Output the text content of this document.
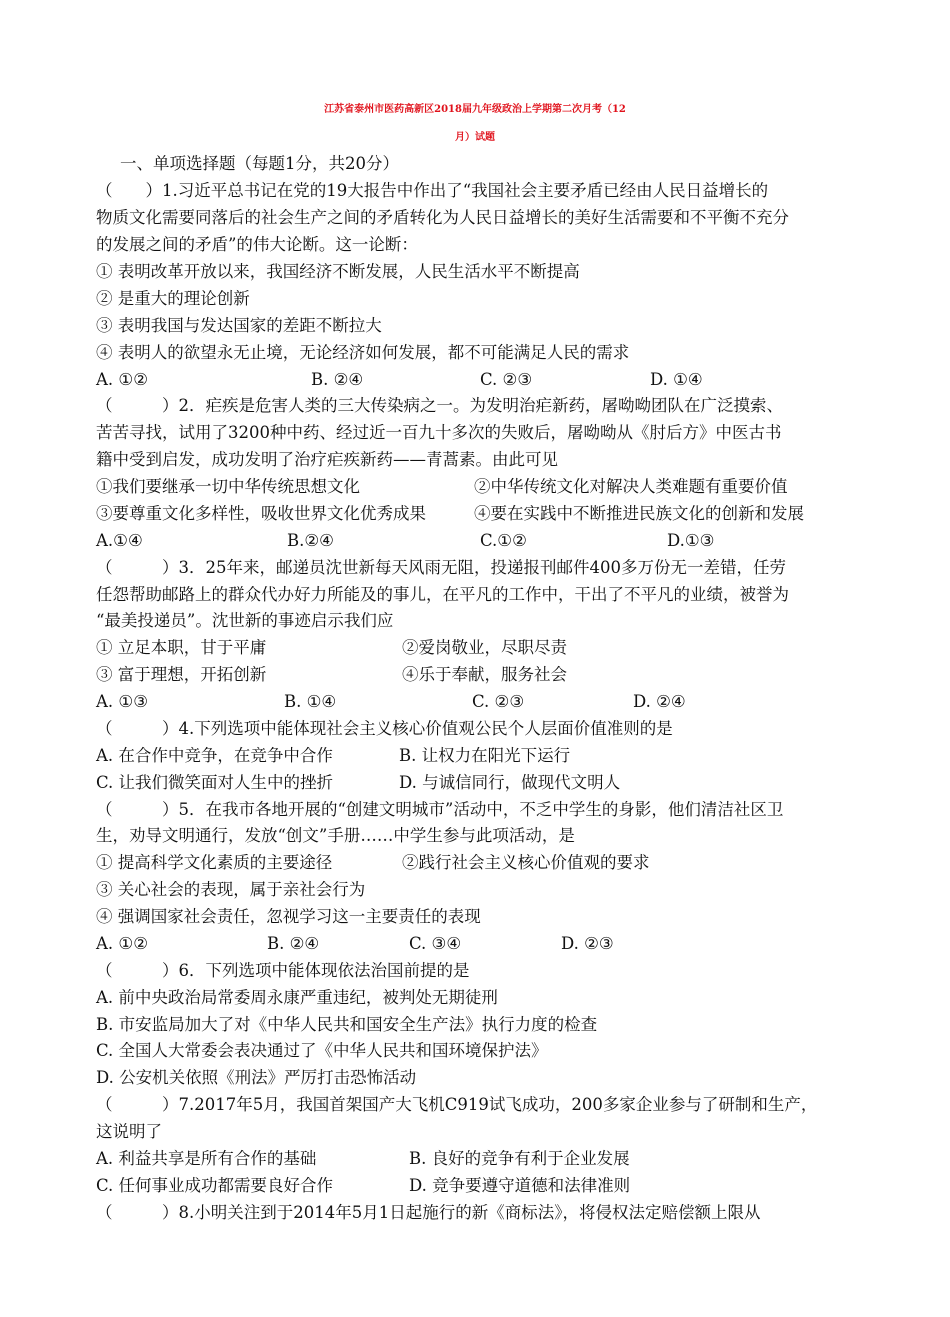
江苏省泰州市医药高新区2018届九年级政治上学期第二次月考（12
月）试题
一、单项选择题（每题1分，共20分）
（　　）1.习近平总书记在党的19大报告中作出了“我国社会主要矛盾已经由人民日益增长的
物质文化需要同落后的社会生产之间的矛盾转化为人民日益增长的美好生活需要和不平衡不充分
的发展之间的矛盾”的伟大论断。这一论断：
① 表明改革开放以来，我国经济不断发展，人民生活水平不断提高
② 是重大的理论创新
③ 表明我国与发达国家的差距不断拉大
④ 表明人的欲望永无止境，无论经济如何发展，都不可能满足人民的需求
A. ①②	B. ②④	C. ②③	D. ①④
（　　　）2．疟疾是危害人类的三大传染病之一。为发明治疟新药，屠呦呦团队在广泛摸索、
苦苦寻找，试用了3200种中药、经过近一百九十多次的失败后，屠呦呦从《肘后方》中医古书
籍中受到启发，成功发明了治疗疟疾新药——青蒿素。由此可见
①我们要继承一切中华传统思想文化	②中华传统文化对解决人类难题有重要价值
③要尊重文化多样性，吸收世界文化优秀成果	④要在实践中不断推进民族文化的创新和发展
A.①④	B.②④	C.①②	D.①③
（　　　）3．25年来，邮递员沈世新每天风雨无阻，投递报刊邮件400多万份无一差错，任劳
任怨帮助邮路上的群众代办好力所能及的事儿，在平凡的工作中，干出了不平凡的业绩，被誉为
“最美投递员”。沈世新的事迹启示我们应
① 立足本职，甘于平庸	②爱岗敬业，尽职尽责
③ 富于理想，开拓创新	④乐于奉献，服务社会
A. ①③	B. ①④	C. ②③	D. ②④
（　　　）4.下列选项中能体现社会主义核心价值观公民个人层面价值准则的是
A. 在合作中竞争，在竞争中合作	B. 让权力在阳光下运行
C. 让我们微笑面对人生中的挫折	D. 与诚信同行，做现代文明人
（　　　）5．在我市各地开展的“创建文明城市”活动中，不乏中学生的身影，他们清洁社区卫
生，劝导文明通行，发放“创文”手册……中学生参与此项活动，是
① 提高科学文化素质的主要途径	②践行社会主义核心价值观的要求
③ 关心社会的表现，属于亲社会行为
④ 强调国家社会责任，忽视学习这一主要责任的表现
A. ①②	B. ②④	C. ③④	D. ②③
（　　　）6．下列选项中能体现依法治国前提的是
A. 前中央政治局常委周永康严重违纪，被判处无期徒刑
B. 市安监局加大了对《中华人民共和国安全生产法》执行力度的检查
C. 全国人大常委会表决通过了《中华人民共和国环境保护法》
D. 公安机关依照《刑法》严厉打击恐怖活动
（　　　）7.2017年5月，我国首架国产大飞机C919试飞成功，200多家企业参与了研制和生产，
这说明了
A. 利益共享是所有合作的基础	B. 良好的竞争有利于企业发展
C. 任何事业成功都需要良好合作	D. 竞争要遵守道德和法律准则
（　　　）8.小明关注到于2014年5月1日起施行的新《商标法》，将侵权法定赔偿额上限从
